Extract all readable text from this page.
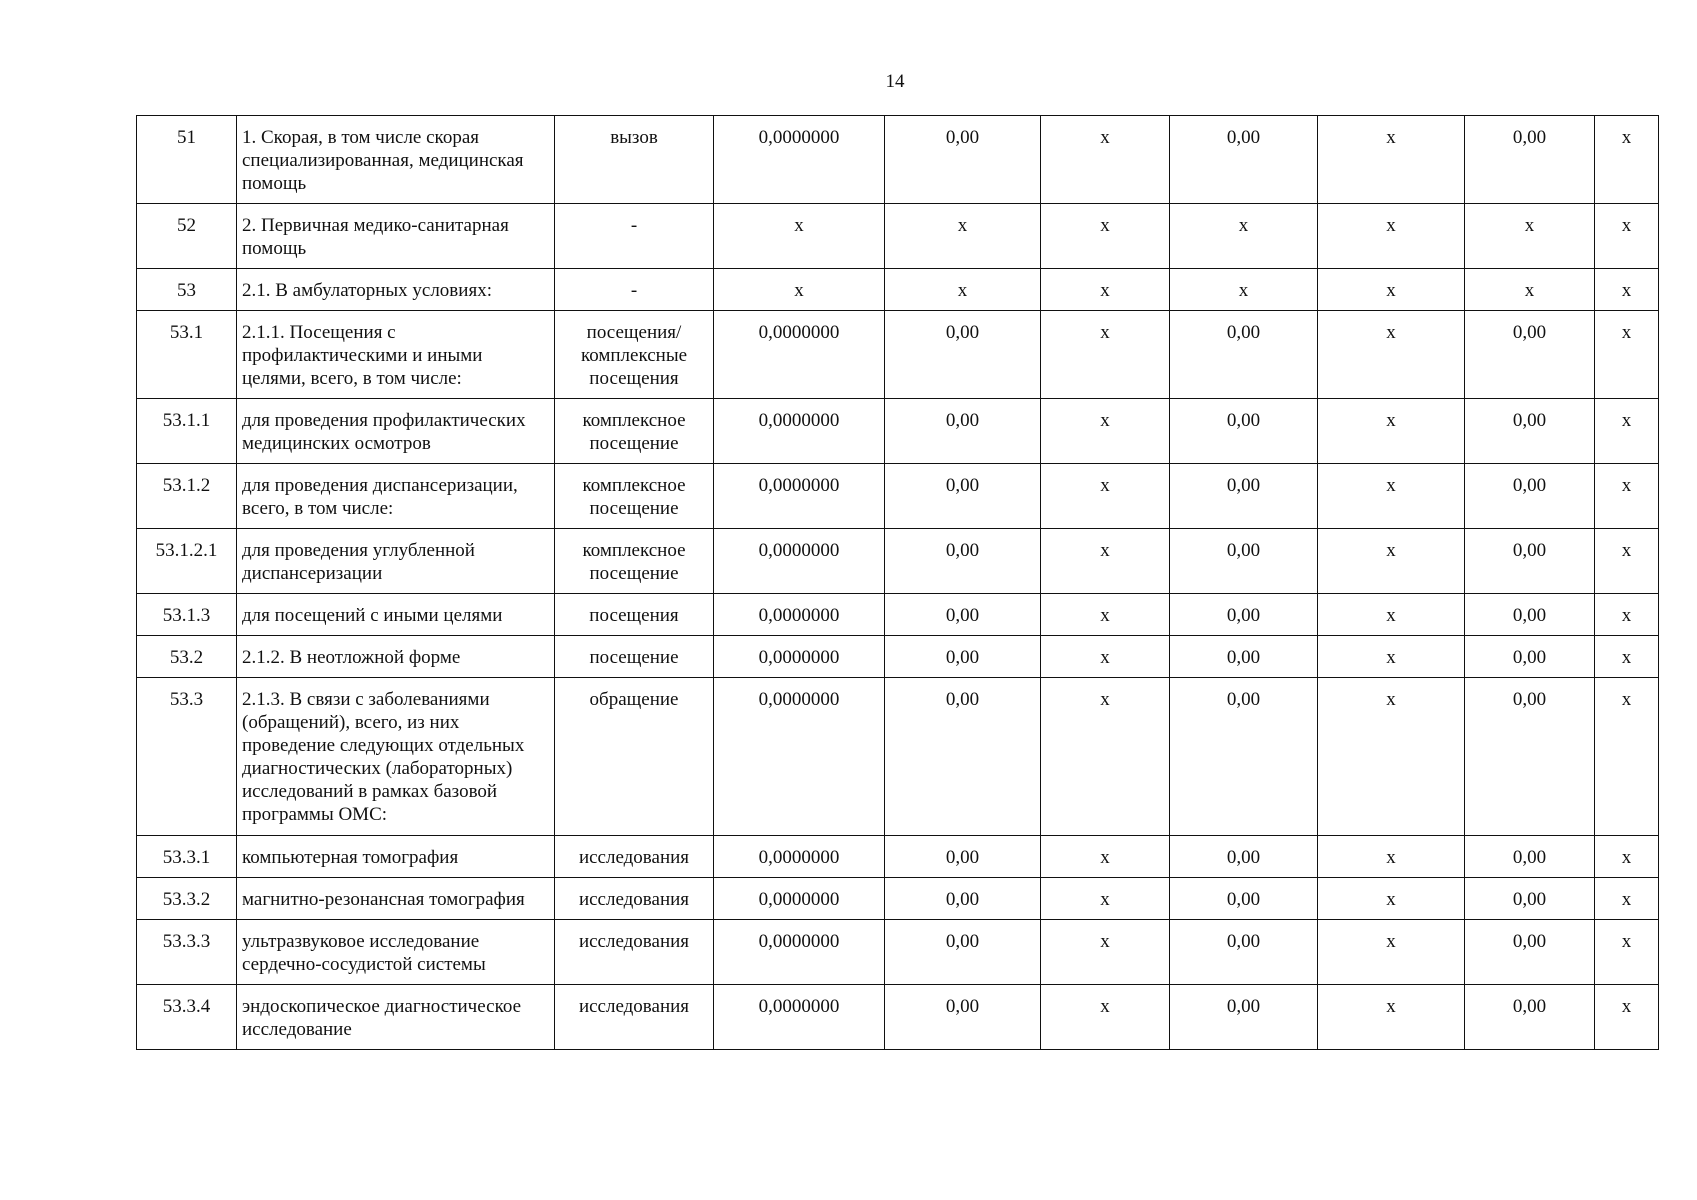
14
51	1. Скорая, в том числе скорая специализированная, медицинская помощь	вызов	0,0000000	0,00	x	0,00	x	0,00	x
52	2. Первичная медико-санитарная помощь	-	x	x	x	x	x	x	x
53	2.1. В амбулаторных условиях:	-	x	x	x	x	x	x	x
53.1	2.1.1. Посещения с профилактическими и иными целями, всего, в том числе:	посещения/ комплексные посещения	0,0000000	0,00	x	0,00	x	0,00	x
53.1.1	для проведения профилактических медицинских осмотров	комплексное посещение	0,0000000	0,00	x	0,00	x	0,00	x
53.1.2	для проведения диспансеризации, всего, в том числе:	комплексное посещение	0,0000000	0,00	x	0,00	x	0,00	x
53.1.2.1	для проведения углубленной диспансеризации	комплексное посещение	0,0000000	0,00	x	0,00	x	0,00	x
53.1.3	для посещений с иными целями	посещения	0,0000000	0,00	x	0,00	x	0,00	x
53.2	2.1.2. В неотложной форме	посещение	0,0000000	0,00	x	0,00	x	0,00	x
53.3	2.1.3. В связи с заболеваниями (обращений), всего, из них проведение следующих отдельных диагностических (лабораторных) исследований в рамках базовой программы ОМС:	обращение	0,0000000	0,00	x	0,00	x	0,00	x
53.3.1	компьютерная томография	исследования	0,0000000	0,00	x	0,00	x	0,00	x
53.3.2	магнитно-резонансная томография	исследования	0,0000000	0,00	x	0,00	x	0,00	x
53.3.3	ультразвуковое исследование сердечно-сосудистой системы	исследования	0,0000000	0,00	x	0,00	x	0,00	x
53.3.4	эндоскопическое диагностическое исследование	исследования	0,0000000	0,00	x	0,00	x	0,00	x
